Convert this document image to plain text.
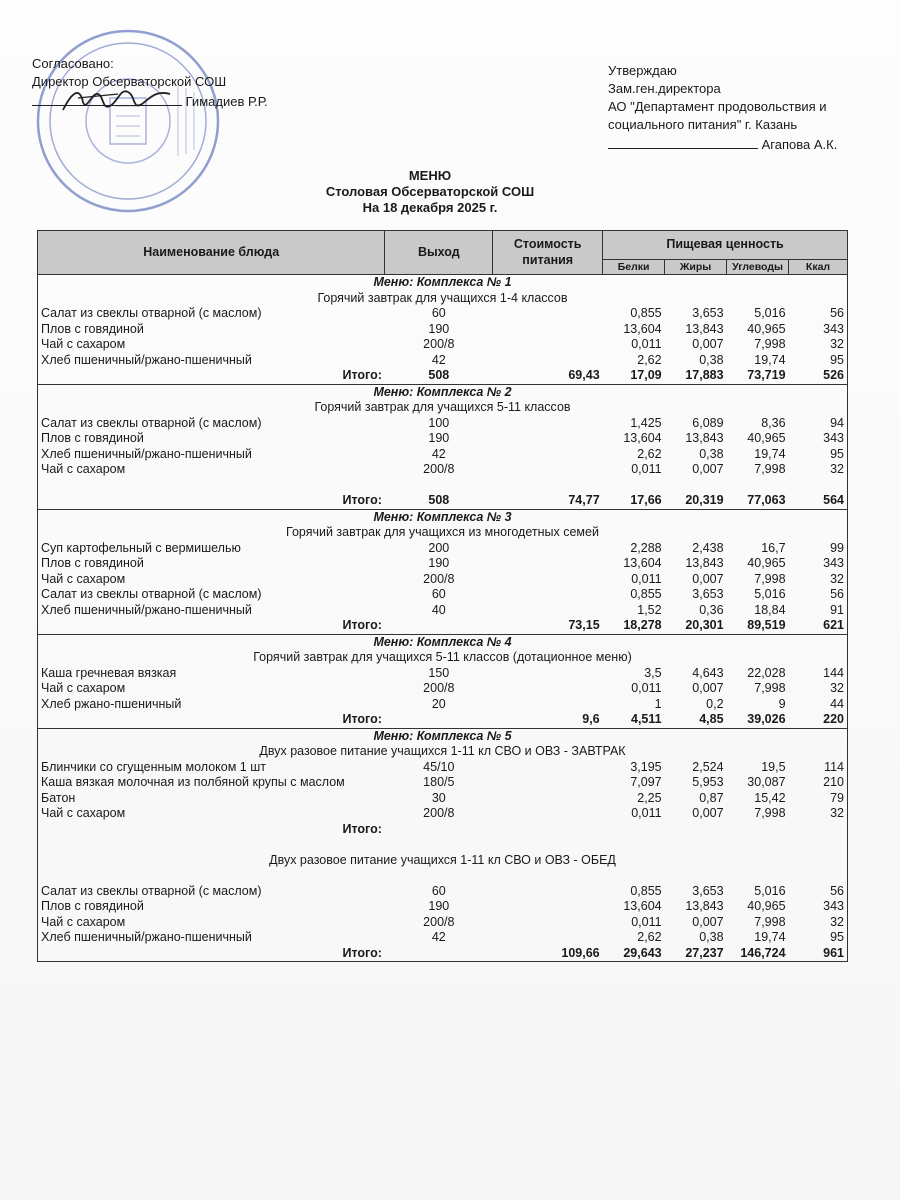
Согласовано:
Директор Обсерваторской СОШ
Гимадиев Р.Р.
Утверждаю
Зам.ген.директора
АО "Департамент продовольствия и
социального питания" г. Казань
Агапова А.К.
МЕНЮ
Столовая Обсерваторской СОШ
На 18 декабря 2025 г.
Наименование блюда	Выход	Стоимость питания	Пищевая ценность			
			Белки	Жиры	Углеводы	Ккал
Меню: Комплекса № 1						
Горячий завтрак для учащихся 1-4 классов						
Салат из свеклы отварной (с маслом)	60		0,855	3,653	5,016	56
Плов с говядиной	190		13,604	13,843	40,965	343
Чай с сахаром	200/8		0,011	0,007	7,998	32
Хлеб пшеничный/ржано-пшеничный	42		2,62	0,38	19,74	95
Итого:	508	69,43	17,09	17,883	73,719	526
Меню: Комплекса № 2						
Горячий завтрак для учащихся 5-11 классов						
Салат из свеклы отварной (с маслом)	100		1,425	6,089	8,36	94
Плов с говядиной	190		13,604	13,843	40,965	343
Хлеб пшеничный/ржано-пшеничный	42		2,62	0,38	19,74	95
Чай с сахаром	200/8		0,011	0,007	7,998	32

Итого:	508	74,77	17,66	20,319	77,063	564
Меню: Комплекса № 3						
Горячий завтрак для учащихся из многодетных семей						
Суп картофельный с вермишелью	200		2,288	2,438	16,7	99
Плов с говядиной	190		13,604	13,843	40,965	343
Чай с сахаром	200/8		0,011	0,007	7,998	32
Салат из свеклы отварной (с маслом)	60		0,855	3,653	5,016	56
Хлеб пшеничный/ржано-пшеничный	40		1,52	0,36	18,84	91
Итого:		73,15	18,278	20,301	89,519	621
Меню: Комплекса № 4						
Горячий завтрак для учащихся 5-11 классов (дотационное меню)						
Каша гречневая вязкая	150		3,5	4,643	22,028	144
Чай с сахаром	200/8		0,011	0,007	7,998	32
Хлеб ржано-пшеничный	20		1	0,2	9	44
Итого:		9,6	4,511	4,85	39,026	220
Меню: Комплекса № 5						
Двух разовое питание учащихся 1-11 кл СВО и ОВЗ - ЗАВТРАК						
Блинчики со сгущенным молоком 1 шт	45/10		3,195	2,524	19,5	114
Каша вязкая молочная из полбяной крупы с маслом	180/5		7,097	5,953	30,087	210
Батон	30		2,25	0,87	15,42	79
Чай с сахаром	200/8		0,011	0,007	7,998	32
Итого:						

Двух разовое питание учащихся 1-11 кл СВО и ОВЗ - ОБЕД						

Салат из свеклы отварной (с маслом)	60		0,855	3,653	5,016	56
Плов с говядиной	190		13,604	13,843	40,965	343
Чай с сахаром	200/8		0,011	0,007	7,998	32
Хлеб пшеничный/ржано-пшеничный	42		2,62	0,38	19,74	95
Итого:		109,66	29,643	27,237	146,724	961
